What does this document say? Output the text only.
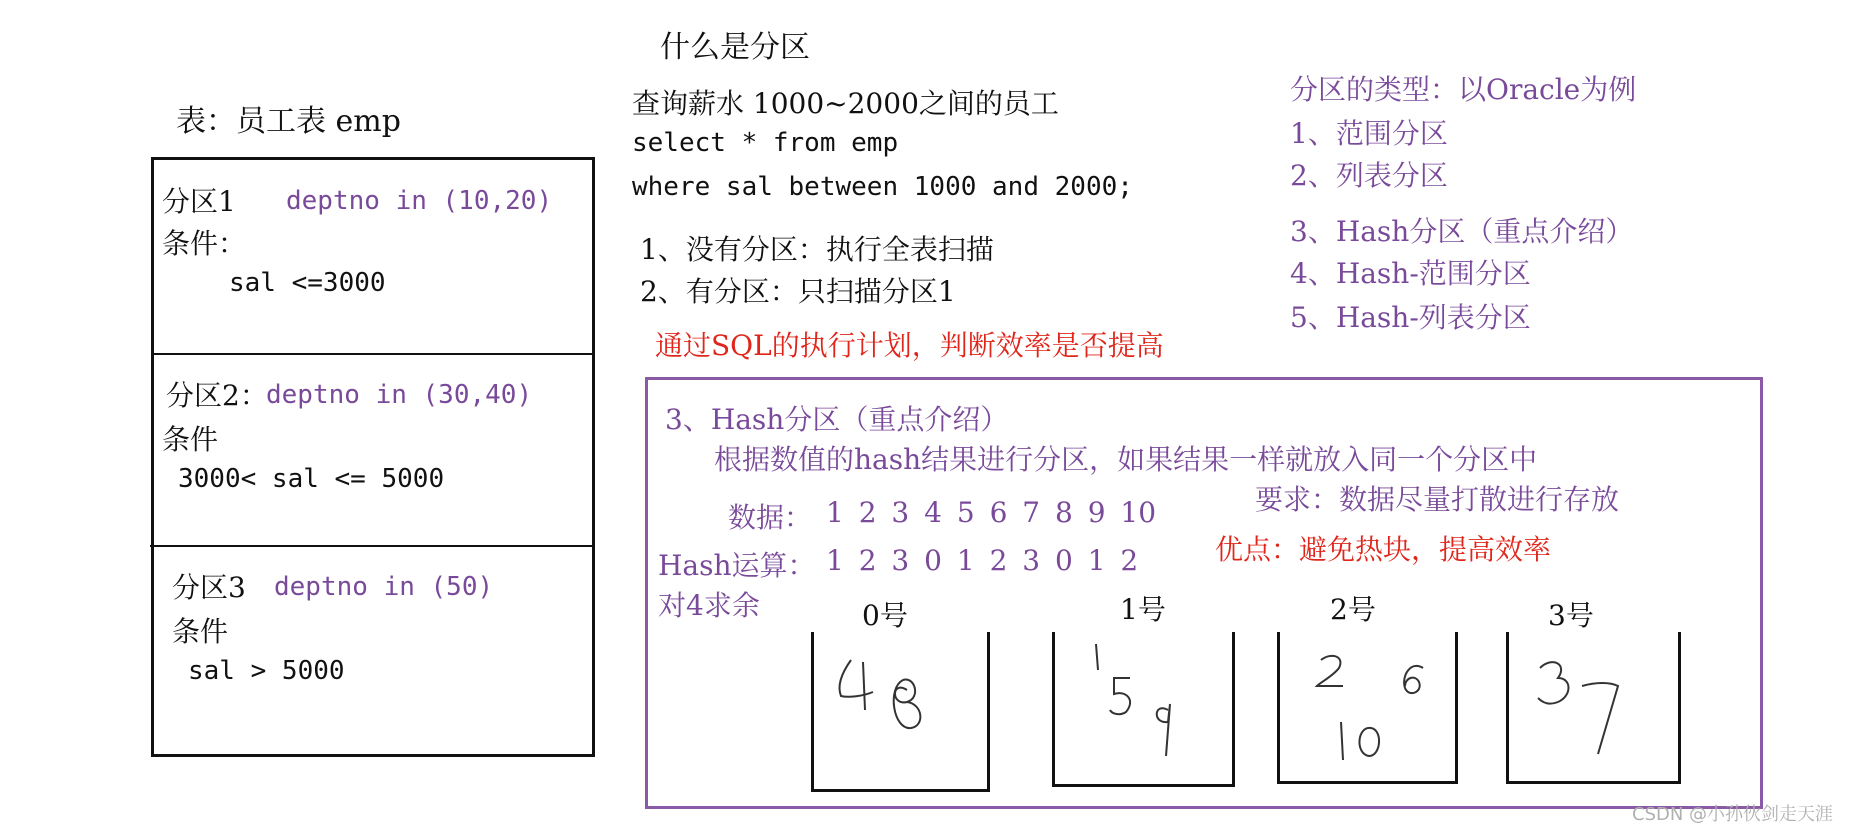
什么是分区
表：员工表 emp
分区1 deptno in (10,20)
条件：
sal <=3000
分区2：
deptno in (30,40)
条件
3000< sal <= 5000
分区3 deptno in (50)
条件
sal > 5000
查询薪水 1000~2000之间的员工
select * from emp
where sal between 1000 and 2000;
1、没有分区：执行全表扫描
2、有分区：只扫描分区1
通过SQL的执行计划，判断效率是否提高
分区的类型：以Oracle为例
1、范围分区
2、列表分区
3、Hash分区（重点介绍）
4、Hash-范围分区
5、Hash-列表分区
3、Hash分区（重点介绍）
根据数值的hash结果进行分区，如果结果一样就放入同一个分区中
要求：数据尽量打散进行存放
优点：避免热块，提高效率
数据： 1 2 3 4 5 6 7 8 9 10
Hash运算： 1 2 3 0 1 2 3 0 1 2
对4求余	0号	1号	2号	3号
CSDN @小孙伙剑走天涯
